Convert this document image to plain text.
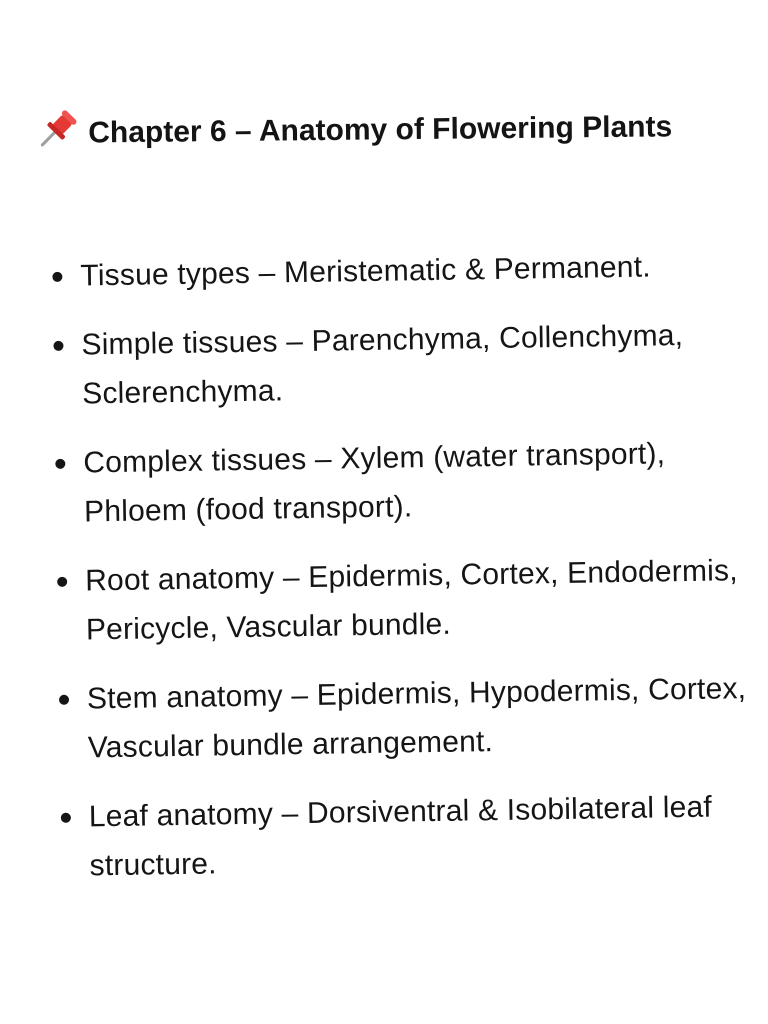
Chapter 6 – Anatomy of Flowering Plants
Tissue types – Meristematic & Permanent.
Simple tissues – Parenchyma, Collenchyma, Sclerenchyma.
Complex tissues – Xylem (water transport), Phloem (food transport).
Root anatomy – Epidermis, Cortex, Endodermis, Pericycle, Vascular bundle.
Stem anatomy – Epidermis, Hypodermis, Cortex, Vascular bundle arrangement.
Leaf anatomy – Dorsiventral & Isobilateral leaf structure.
